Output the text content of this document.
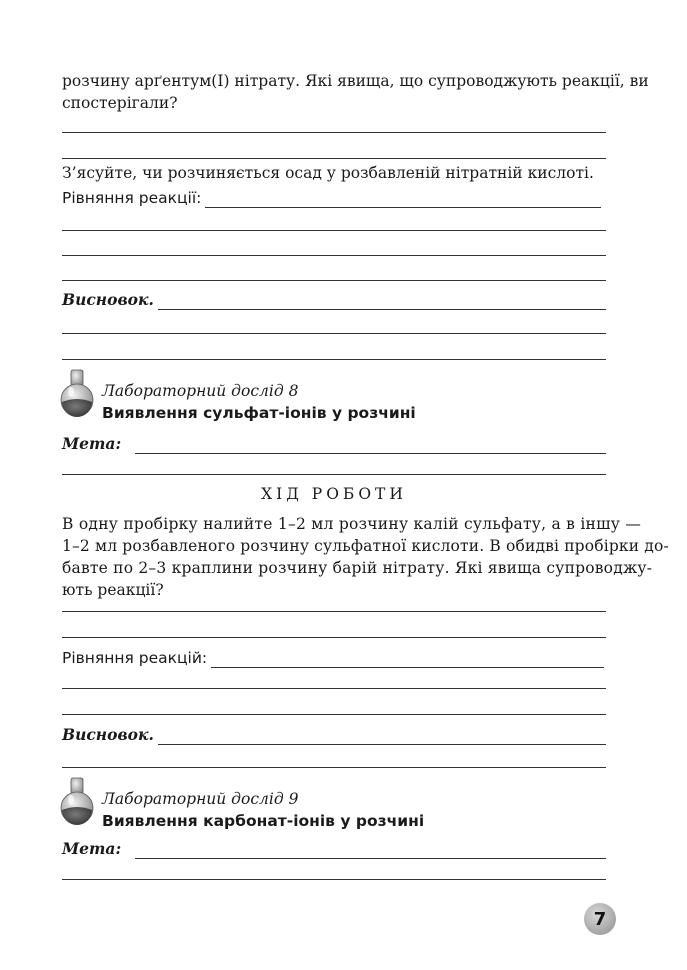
розчину арґентум(І) нітрату. Які явища, що супроводжують реакції, ви
спостерігали?
З’ясуйте, чи розчиняється осад у розбавленій нітратній кислоті.
Рівняння реакції:
Висновок.
Лабораторний дослід 8
Виявлення сульфат-іонів у розчині
Мета:
ХІД РОБОТИ
В одну пробірку налийте 1–2 мл розчину калій сульфату, а в іншу —
1–2 мл розбавленого розчину сульфатної кислоти. В обидві пробірки до-
бавте по 2–3 краплини розчину барій нітрату. Які явища супроводжу-
ють реакції?
Рівняння реакцій:
Висновок.
Лабораторний дослід 9
Виявлення карбонат-іонів у розчині
Мета:
7
